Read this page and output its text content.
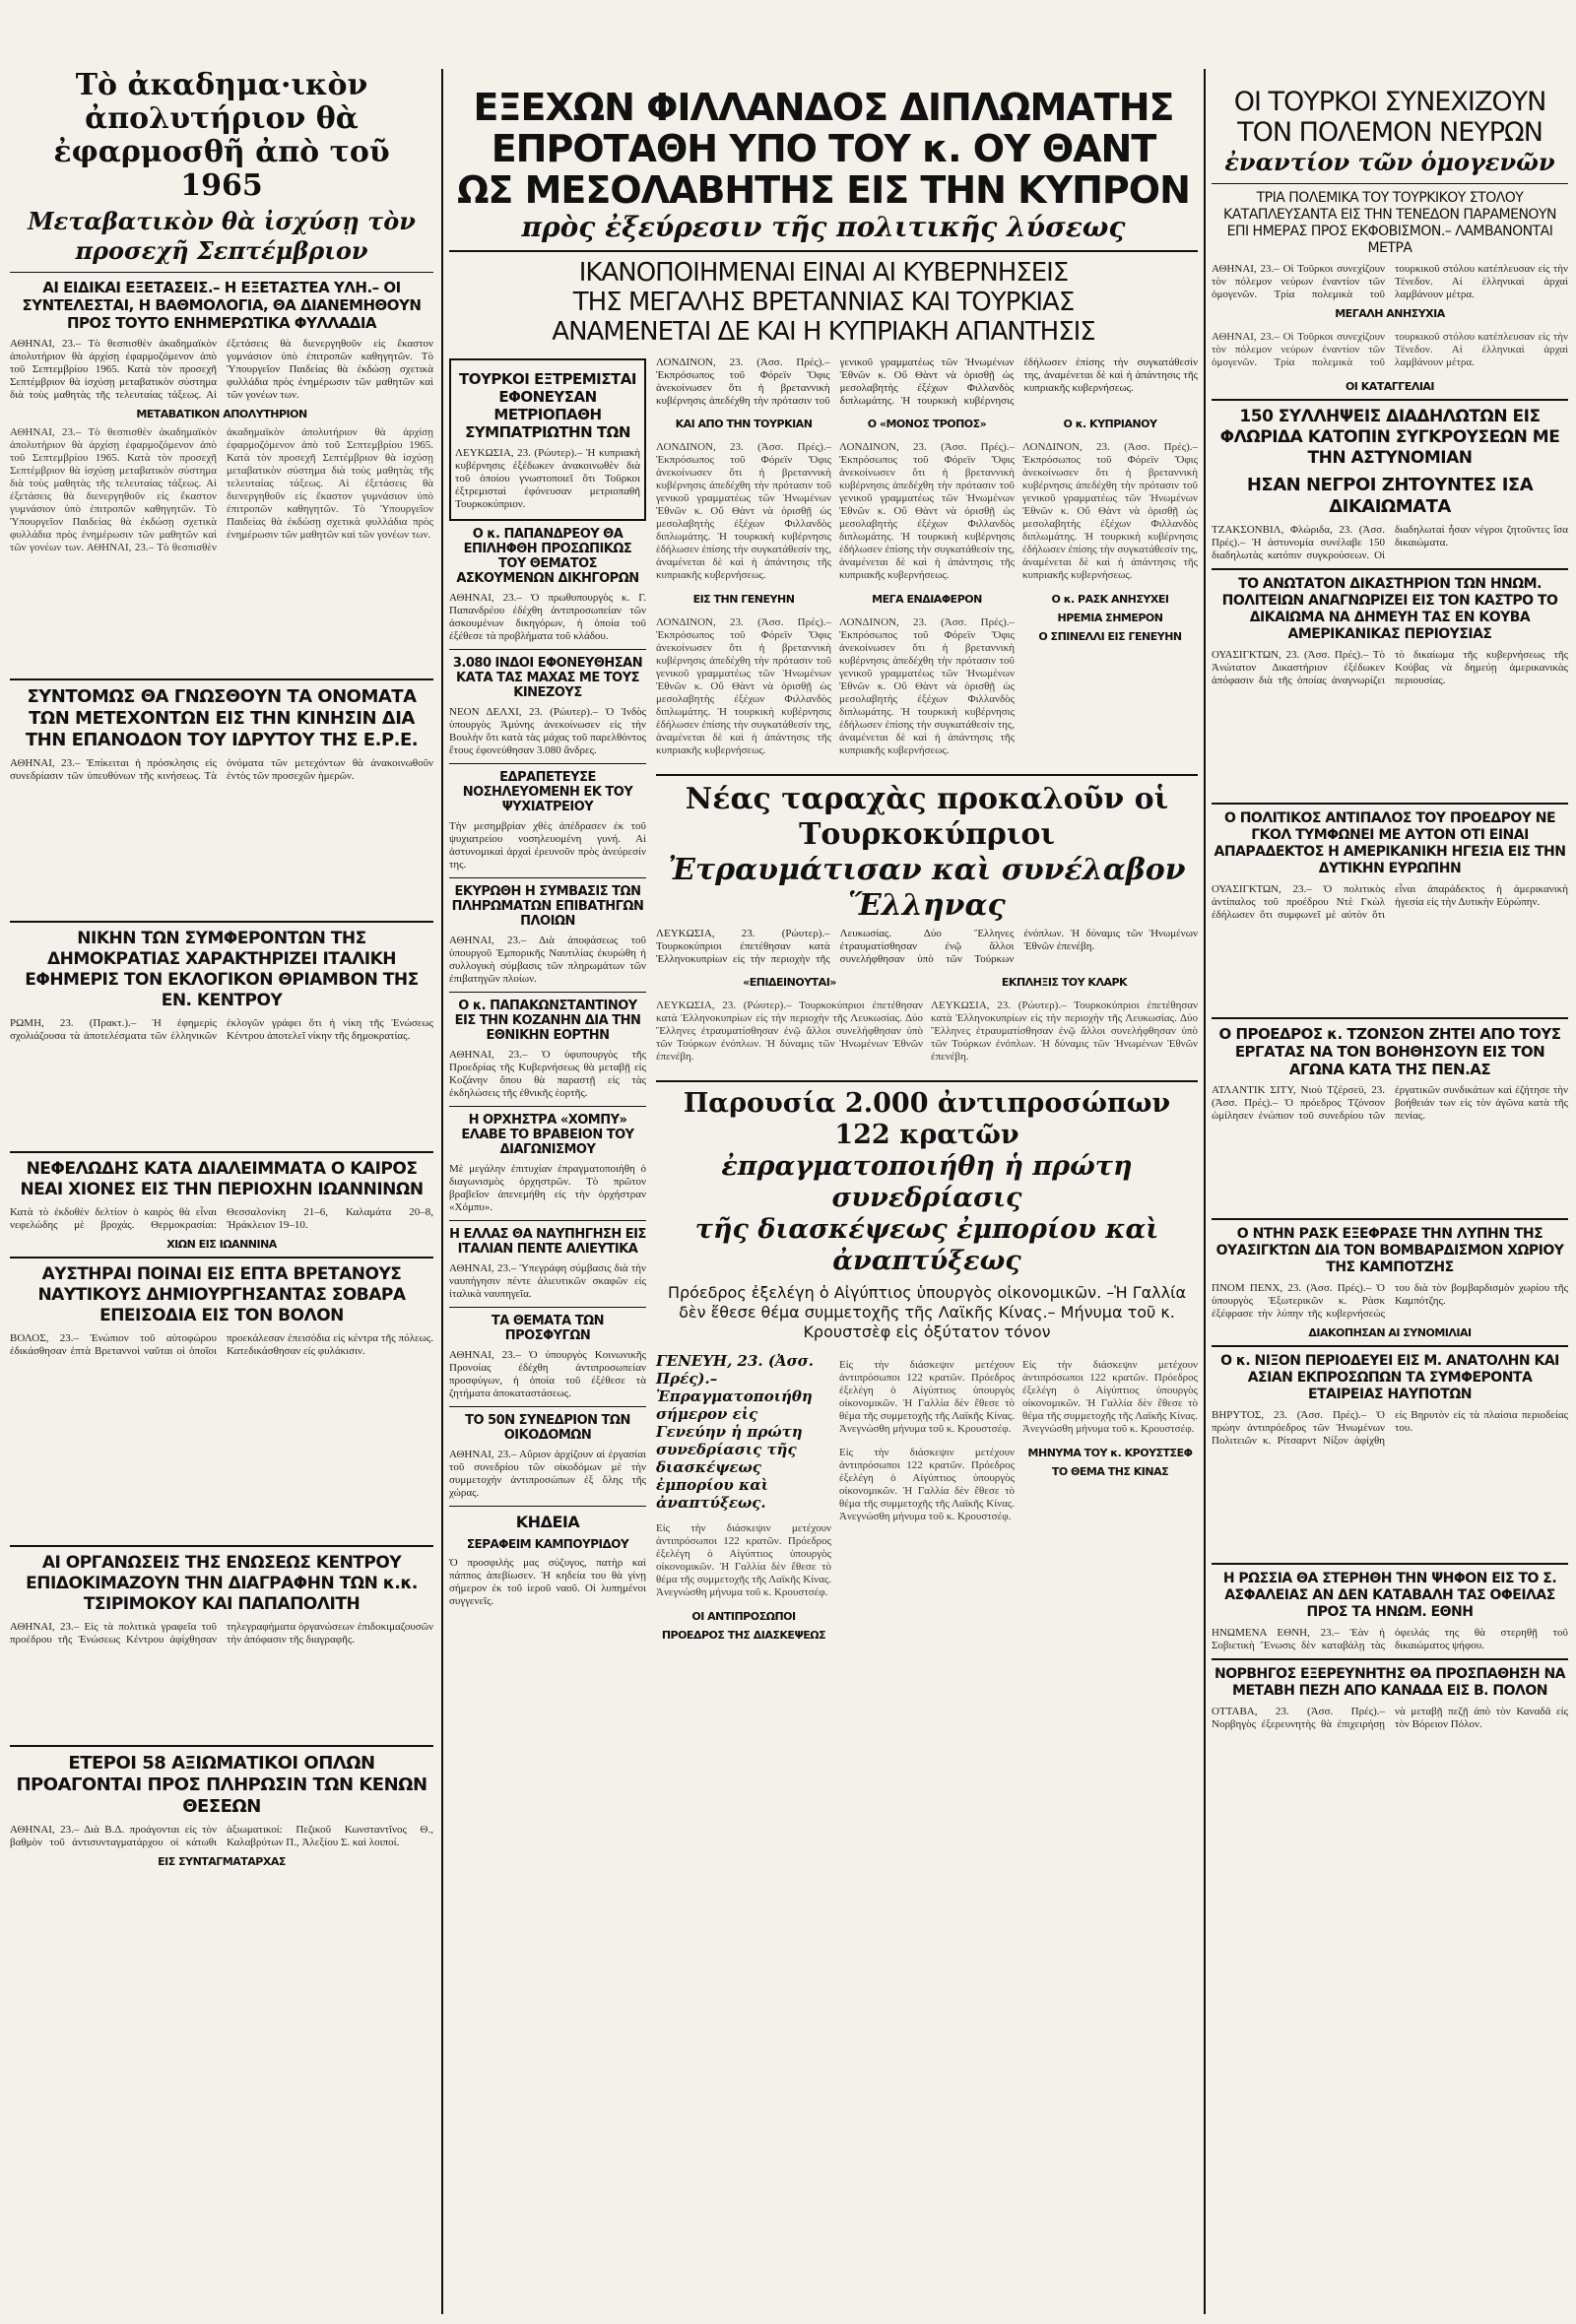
Τὸ ἀκαδημα·ικὸν ἀπολυτήριον θὰ ἐφαρμοσθῆ ἀπὸ τοῦ 1965
Μεταβατικὸν θὰ ἰσχύσῃ τὸν προσεχῆ Σεπτέμβριον
ΑΙ ΕΙΔΙΚΑΙ ΕΞΕΤΑΣΕΙΣ.– Η ΕΞΕΤΑΣΤΕΑ ΥΛΗ.– ΟΙ ΣΥΝΤΕΛΕΣΤΑΙ, Η ΒΑΘΜΟΛΟΓΙΑ, ΘΑ ΔΙΑΝΕΜΗΘΟΥΝ ΠΡΟΣ ΤΟΥΤΟ ΕΝΗΜΕΡΩΤΙΚΑ ΦΥΛΛΑΔΙΑ

ΑΘΗΝΑΙ, 23.– Τὸ θεσπισθὲν ἀκαδημαϊκὸν ἀπολυτήριον θὰ ἀρχίσῃ ἐφαρμοζόμενον ἀπὸ τοῦ Σεπτεμβρίου 1965. Κατὰ τὸν προσεχῆ Σεπτέμβριον θὰ ἰσχύσῃ μεταβατικὸν σύστημα διὰ τοὺς μαθητὰς τῆς τελευταίας τάξεως. Αἱ ἐξετάσεις θὰ διενεργηθοῦν εἰς ἕκαστον γυμνάσιον ὑπὸ ἐπιτροπῶν καθηγητῶν. Τὸ Ὑπουργεῖον Παιδείας θὰ ἐκδώσῃ σχετικὰ φυλλάδια πρὸς ἐνημέρωσιν τῶν μαθητῶν καὶ τῶν γονέων των.

ΜΕΤΑΒΑΤΙΚΟΝ ΑΠΟΛΥΤΗΡΙΟΝ

ΑΘΗΝΑΙ, 23.– Τὸ θεσπισθὲν ἀκαδημαϊκὸν ἀπολυτήριον θὰ ἀρχίσῃ ἐφαρμοζόμενον ἀπὸ τοῦ Σεπτεμβρίου 1965. Κατὰ τὸν προσεχῆ Σεπτέμβριον θὰ ἰσχύσῃ μεταβατικὸν σύστημα διὰ τοὺς μαθητὰς τῆς τελευταίας τάξεως. Αἱ ἐξετάσεις θὰ διενεργηθοῦν εἰς ἕκαστον γυμνάσιον ὑπὸ ἐπιτροπῶν καθηγητῶν. Τὸ Ὑπουργεῖον Παιδείας θὰ ἐκδώσῃ σχετικὰ φυλλάδια πρὸς ἐνημέρωσιν τῶν μαθητῶν καὶ τῶν γονέων των. ΑΘΗΝΑΙ, 23.– Τὸ θεσπισθὲν ἀκαδημαϊκὸν ἀπολυτήριον θὰ ἀρχίσῃ ἐφαρμοζόμενον ἀπὸ τοῦ Σεπτεμβρίου 1965. Κατὰ τὸν προσεχῆ Σεπτέμβριον θὰ ἰσχύσῃ μεταβατικὸν σύστημα διὰ τοὺς μαθητὰς τῆς τελευταίας τάξεως. Αἱ ἐξετάσεις θὰ διενεργηθοῦν εἰς ἕκαστον γυμνάσιον ὑπὸ ἐπιτροπῶν καθηγητῶν. Τὸ Ὑπουργεῖον Παιδείας θὰ ἐκδώσῃ σχετικὰ φυλλάδια πρὸς ἐνημέρωσιν τῶν μαθητῶν καὶ τῶν γονέων των.

ΣΥΝΤΟΜΩΣ ΘΑ ΓΝΩΣΘΟΥΝ ΤΑ ΟΝΟΜΑΤΑ ΤΩΝ ΜΕΤΕΧΟΝΤΩΝ ΕΙΣ ΤΗΝ ΚΙΝΗΣΙΝ ΔΙΑ ΤΗΝ ΕΠΑΝΟΔΟΝ ΤΟΥ ΙΔΡΥΤΟΥ ΤΗΣ Ε.Ρ.Ε.

ΑΘΗΝΑΙ, 23.– Ἐπίκειται ἡ πρόσκλησις εἰς συνεδρίασιν τῶν ὑπευθύνων τῆς κινήσεως. Τὰ ὀνόματα τῶν μετεχόντων θὰ ἀνακοινωθοῦν ἐντὸς τῶν προσεχῶν ἡμερῶν.

ΝΙΚΗΝ ΤΩΝ ΣΥΜΦΕΡΟΝΤΩΝ ΤΗΣ ΔΗΜΟΚΡΑΤΙΑΣ ΧΑΡΑΚΤΗΡΙΖΕΙ ΙΤΑΛΙΚΗ ΕΦΗΜΕΡΙΣ ΤΟΝ ΕΚΛΟΓΙΚΟΝ ΘΡΙΑΜΒΟΝ ΤΗΣ ΕΝ. ΚΕΝΤΡΟΥ

ΡΩΜΗ, 23. (Πρακτ.).– Ἡ ἐφημερὶς σχολιάζουσα τὰ ἀποτελέσματα τῶν ἑλληνικῶν ἐκλογῶν γράφει ὅτι ἡ νίκη τῆς Ἐνώσεως Κέντρου ἀποτελεῖ νίκην τῆς δημοκρατίας.

ΝΕΦΕΛΩΔΗΣ ΚΑΤΑ ΔΙΑΛΕΙΜΜΑΤΑ Ο ΚΑΙΡΟΣ ΝΕΑΙ ΧΙΟΝΕΣ ΕΙΣ ΤΗΝ ΠΕΡΙΟΧΗΝ ΙΩΑΝΝΙΝΩΝ

Κατὰ τὸ ἐκδοθὲν δελτίον ὁ καιρὸς θὰ εἶναι νεφελώδης μὲ βροχάς. Θερμοκρασίαι: Θεσσαλονίκη 21–6, Καλαμάτα 20–8, Ἡράκλειον 19–10.

ΧΙΩΝ ΕΙΣ ΙΩΑΝΝΙΝΑ
ΑΥΣΤΗΡΑΙ ΠΟΙΝΑΙ ΕΙΣ ΕΠΤΑ ΒΡΕΤΑΝΟΥΣ ΝΑΥΤΙΚΟΥΣ ΔΗΜΙΟΥΡΓΗΣΑΝΤΑΣ ΣΟΒΑΡΑ ΕΠΕΙΣΟΔΙΑ ΕΙΣ ΤΟΝ ΒΟΛΟΝ

ΒΟΛΟΣ, 23.– Ἐνώπιον τοῦ αὐτοφώρου ἐδικάσθησαν ἑπτὰ Βρεταννοὶ ναῦται οἱ ὁποῖοι προεκάλεσαν ἐπεισόδια εἰς κέντρα τῆς πόλεως. Κατεδικάσθησαν εἰς φυλάκισιν.

ΑΙ ΟΡΓΑΝΩΣΕΙΣ ΤΗΣ ΕΝΩΣΕΩΣ ΚΕΝΤΡΟΥ ΕΠΙΔΟΚΙΜΑΖΟΥΝ ΤΗΝ ΔΙΑΓΡΑΦΗΝ ΤΩΝ κ.κ. ΤΣΙΡΙΜΟΚΟΥ ΚΑΙ ΠΑΠΑΠΟΛΙΤΗ

ΑΘΗΝΑΙ, 23.– Εἰς τὰ πολιτικὰ γραφεῖα τοῦ προέδρου τῆς Ἐνώσεως Κέντρου ἀφίχθησαν τηλεγραφήματα ὀργανώσεων ἐπιδοκιμαζουσῶν τὴν ἀπόφασιν τῆς διαγραφῆς.

ΕΤΕΡΟΙ 58 ΑΞΙΩΜΑΤΙΚΟΙ ΟΠΛΩΝ ΠΡΟΑΓΟΝΤΑΙ ΠΡΟΣ ΠΛΗΡΩΣΙΝ ΤΩΝ ΚΕΝΩΝ ΘΕΣΕΩΝ

ΑΘΗΝΑΙ, 23.– Διὰ Β.Δ. προάγονται εἰς τὸν βαθμὸν τοῦ ἀντισυνταγματάρχου οἱ κάτωθι ἀξιωματικοί: Πεζικοῦ Κωνσταντῖνος Θ., Καλαβρύτων Π., Ἀλεξίου Σ. καὶ λοιποί.

ΕΙΣ ΣΥΝΤΑΓΜΑΤΑΡΧΑΣ
ΕΞΕΧΩΝ ΦΙΛΛΑΝΔΟΣ ΔΙΠΛΩΜΑΤΗΣ
ΕΠΡΟΤΑΘΗ ΥΠΟ ΤΟΥ κ. ΟΥ ΘΑΝΤ
ΩΣ ΜΕΣΟΛΑΒΗΤΗΣ ΕΙΣ ΤΗΝ ΚΥΠΡΟΝ
πρὸς ἐξεύρεσιν τῆς πολιτικῆς λύσεως
ΙΚΑΝΟΠΟΙΗΜΕΝΑΙ ΕΙΝΑΙ ΑΙ ΚΥΒΕΡΝΗΣΕΙΣ
ΤΗΣ ΜΕΓΑΛΗΣ ΒΡΕΤΑΝΝΙΑΣ ΚΑΙ ΤΟΥΡΚΙΑΣ
ΑΝΑΜΕΝΕΤΑΙ ΔΕ ΚΑΙ Η ΚΥΠΡΙΑΚΗ ΑΠΑΝΤΗΣΙΣ
ΤΟΥΡΚΟΙ ΕΞΤΡΕΜΙΣΤΑΙ ΕΦΟΝΕΥΣΑΝ ΜΕΤΡΙΟΠΑΘΗ ΣΥΜΠΑΤΡΙΩΤΗΝ ΤΩΝ

ΛΕΥΚΩΣΙΑ, 23. (Ρώυτερ).– Ἡ κυπριακὴ κυβέρνησις ἐξέδωκεν ἀνακοινωθὲν διὰ τοῦ ὁποίου γνωστοποιεῖ ὅτι Τοῦρκοι ἐξτρεμισταὶ ἐφόνευσαν μετριοπαθῆ Τουρκοκύπριον.

Ο κ. ΠΑΠΑΝΔΡΕΟΥ ΘΑ ΕΠΙΛΗΦΘΗ ΠΡΟΣΩΠΙΚΩΣ ΤΟΥ ΘΕΜΑΤΟΣ ΑΣΚΟΥΜΕΝΩΝ ΔΙΚΗΓΟΡΩΝ

ΑΘΗΝΑΙ, 23.– Ὁ πρωθυπουργὸς κ. Γ. Παπανδρέου ἐδέχθη ἀντιπροσωπείαν τῶν ἀσκουμένων δικηγόρων, ἡ ὁποία τοῦ ἐξέθεσε τὰ προβλήματα τοῦ κλάδου.

3.080 ΙΝΔΟΙ ΕΦΟΝΕΥΘΗΣΑΝ ΚΑΤΑ ΤΑΣ ΜΑΧΑΣ ΜΕ ΤΟΥΣ ΚΙΝΕΖΟΥΣ

ΝΕΟΝ ΔΕΛΧΙ, 23. (Ρώυτερ).– Ὁ Ἰνδὸς ὑπουργὸς Ἀμύνης ἀνεκοίνωσεν εἰς τὴν Βουλὴν ὅτι κατὰ τὰς μάχας τοῦ παρελθόντος ἔτους ἐφονεύθησαν 3.080 ἄνδρες.

ΕΔΡΑΠΕΤΕΥΣΕ ΝΟΣΗΛΕΥΟΜΕΝΗ ΕΚ ΤΟΥ ΨΥΧΙΑΤΡΕΙΟΥ

Τὴν μεσημβρίαν χθὲς ἀπέδρασεν ἐκ τοῦ ψυχιατρείου νοσηλευομένη γυνή. Αἱ ἀστυνομικαὶ ἀρχαὶ ἐρευνοῦν πρὸς ἀνεύρεσίν της.

ΕΚΥΡΩΘΗ Η ΣΥΜΒΑΣΙΣ ΤΩΝ ΠΛΗΡΩΜΑΤΩΝ ΕΠΙΒΑΤΗΓΩΝ ΠΛΟΙΩΝ

ΑΘΗΝΑΙ, 23.– Διὰ ἀποφάσεως τοῦ ὑπουργοῦ Ἐμπορικῆς Ναυτιλίας ἐκυρώθη ἡ συλλογικὴ σύμβασις τῶν πληρωμάτων τῶν ἐπιβατηγῶν πλοίων.

Ο κ. ΠΑΠΑΚΩΝΣΤΑΝΤΙΝΟΥ ΕΙΣ ΤΗΝ ΚΟΖΑΝΗΝ ΔΙΑ ΤΗΝ ΕΘΝΙΚΗΝ ΕΟΡΤΗΝ

ΑΘΗΝΑΙ, 23.– Ὁ ὑφυπουργὸς τῆς Προεδρίας τῆς Κυβερνήσεως θὰ μεταβῇ εἰς Κοζάνην ὅπου θὰ παραστῇ εἰς τὰς ἐκδηλώσεις τῆς ἐθνικῆς ἑορτῆς.

Η ΟΡΧΗΣΤΡΑ «ΧΟΜΠΥ» ΕΛΑΒΕ ΤΟ ΒΡΑΒΕΙΟΝ ΤΟΥ ΔΙΑΓΩΝΙΣΜΟΥ

Μὲ μεγάλην ἐπιτυχίαν ἐπραγματοποιήθη ὁ διαγωνισμὸς ὀρχηστρῶν. Τὸ πρῶτον βραβεῖον ἀπενεμήθη εἰς τὴν ὀρχήστραν «Χόμπυ».

Η ΕΛΛΑΣ ΘΑ ΝΑΥΠΗΓΗΣΗ ΕΙΣ ΙΤΑΛΙΑΝ ΠΕΝΤΕ ΑΛΙΕΥΤΙΚΑ

ΑΘΗΝΑΙ, 23.– Ὑπεγράφη σύμβασις διὰ τὴν ναυπήγησιν πέντε ἀλιευτικῶν σκαφῶν εἰς ἰταλικὰ ναυπηγεῖα.

ΤΑ ΘΕΜΑΤΑ ΤΩΝ ΠΡΟΣΦΥΓΩΝ

ΑΘΗΝΑΙ, 23.– Ὁ ὑπουργὸς Κοινωνικῆς Προνοίας ἐδέχθη ἀντιπροσωπείαν προσφύγων, ἡ ὁποία τοῦ ἐξέθεσε τὰ ζητήματα ἀποκαταστάσεως.

ΤΟ 50Ν ΣΥΝΕΔΡΙΟΝ ΤΩΝ ΟΙΚΟΔΟΜΩΝ

ΑΘΗΝΑΙ, 23.– Αὔριον ἀρχίζουν αἱ ἐργασίαι τοῦ συνεδρίου τῶν οἰκοδόμων μὲ τὴν συμμετοχὴν ἀντιπροσώπων ἐξ ὅλης τῆς χώρας.

ΚΗΔΕΙΑ
ΣΕΡΑΦΕΙΜ ΚΑΜΠΟΥΡΙΔΟΥ

Ὁ προσφιλὴς μας σύζυγος, πατὴρ καὶ πάππος ἀπεβίωσεν. Ἡ κηδεία του θὰ γίνῃ σήμερον ἐκ τοῦ ἱεροῦ ναοῦ. Οἱ λυπημένοι συγγενεῖς.

ΛΟΝΔΙΝΟΝ, 23. (Ἀσσ. Πρές).– Ἐκπρόσωπος τοῦ Φόρεϊν Ὄφις ἀνεκοίνωσεν ὅτι ἡ βρεταννικὴ κυβέρνησις ἀπεδέχθη τὴν πρότασιν τοῦ γενικοῦ γραμματέως τῶν Ἡνωμένων Ἐθνῶν κ. Οὔ Θὰντ νὰ ὁρισθῇ ὡς μεσολαβητὴς ἐξέχων Φιλλανδὸς διπλωμάτης. Ἡ τουρκικὴ κυβέρνησις ἐδήλωσεν ἐπίσης τὴν συγκατάθεσίν της, ἀναμένεται δὲ καὶ ἡ ἀπάντησις τῆς κυπριακῆς κυβερνήσεως.

ΚΑΙ ΑΠΟ ΤΗΝ ΤΟΥΡΚΙΑΝ

ΛΟΝΔΙΝΟΝ, 23. (Ἀσσ. Πρές).– Ἐκπρόσωπος τοῦ Φόρεϊν Ὄφις ἀνεκοίνωσεν ὅτι ἡ βρεταννικὴ κυβέρνησις ἀπεδέχθη τὴν πρότασιν τοῦ γενικοῦ γραμματέως τῶν Ἡνωμένων Ἐθνῶν κ. Οὔ Θὰντ νὰ ὁρισθῇ ὡς μεσολαβητὴς ἐξέχων Φιλλανδὸς διπλωμάτης. Ἡ τουρκικὴ κυβέρνησις ἐδήλωσεν ἐπίσης τὴν συγκατάθεσίν της, ἀναμένεται δὲ καὶ ἡ ἀπάντησις τῆς κυπριακῆς κυβερνήσεως.

ΕΙΣ ΤΗΝ ΓΕΝΕΥΗΝ

ΛΟΝΔΙΝΟΝ, 23. (Ἀσσ. Πρές).– Ἐκπρόσωπος τοῦ Φόρεϊν Ὄφις ἀνεκοίνωσεν ὅτι ἡ βρεταννικὴ κυβέρνησις ἀπεδέχθη τὴν πρότασιν τοῦ γενικοῦ γραμματέως τῶν Ἡνωμένων Ἐθνῶν κ. Οὔ Θὰντ νὰ ὁρισθῇ ὡς μεσολαβητὴς ἐξέχων Φιλλανδὸς διπλωμάτης. Ἡ τουρκικὴ κυβέρνησις ἐδήλωσεν ἐπίσης τὴν συγκατάθεσίν της, ἀναμένεται δὲ καὶ ἡ ἀπάντησις τῆς κυπριακῆς κυβερνήσεως.

Ο «ΜΟΝΟΣ ΤΡΟΠΟΣ»

ΛΟΝΔΙΝΟΝ, 23. (Ἀσσ. Πρές).– Ἐκπρόσωπος τοῦ Φόρεϊν Ὄφις ἀνεκοίνωσεν ὅτι ἡ βρεταννικὴ κυβέρνησις ἀπεδέχθη τὴν πρότασιν τοῦ γενικοῦ γραμματέως τῶν Ἡνωμένων Ἐθνῶν κ. Οὔ Θὰντ νὰ ὁρισθῇ ὡς μεσολαβητὴς ἐξέχων Φιλλανδὸς διπλωμάτης. Ἡ τουρκικὴ κυβέρνησις ἐδήλωσεν ἐπίσης τὴν συγκατάθεσίν της, ἀναμένεται δὲ καὶ ἡ ἀπάντησις τῆς κυπριακῆς κυβερνήσεως.

ΜΕΓΑ ΕΝΔΙΑΦΕΡΟΝ

ΛΟΝΔΙΝΟΝ, 23. (Ἀσσ. Πρές).– Ἐκπρόσωπος τοῦ Φόρεϊν Ὄφις ἀνεκοίνωσεν ὅτι ἡ βρεταννικὴ κυβέρνησις ἀπεδέχθη τὴν πρότασιν τοῦ γενικοῦ γραμματέως τῶν Ἡνωμένων Ἐθνῶν κ. Οὔ Θὰντ νὰ ὁρισθῇ ὡς μεσολαβητὴς ἐξέχων Φιλλανδὸς διπλωμάτης. Ἡ τουρκικὴ κυβέρνησις ἐδήλωσεν ἐπίσης τὴν συγκατάθεσίν της, ἀναμένεται δὲ καὶ ἡ ἀπάντησις τῆς κυπριακῆς κυβερνήσεως.

Ο κ. ΚΥΠΡΙΑΝΟΥ

ΛΟΝΔΙΝΟΝ, 23. (Ἀσσ. Πρές).– Ἐκπρόσωπος τοῦ Φόρεϊν Ὄφις ἀνεκοίνωσεν ὅτι ἡ βρεταννικὴ κυβέρνησις ἀπεδέχθη τὴν πρότασιν τοῦ γενικοῦ γραμματέως τῶν Ἡνωμένων Ἐθνῶν κ. Οὔ Θὰντ νὰ ὁρισθῇ ὡς μεσολαβητὴς ἐξέχων Φιλλανδὸς διπλωμάτης. Ἡ τουρκικὴ κυβέρνησις ἐδήλωσεν ἐπίσης τὴν συγκατάθεσίν της, ἀναμένεται δὲ καὶ ἡ ἀπάντησις τῆς κυπριακῆς κυβερνήσεως.

Ο κ. ΡΑΣΚ ΑΝΗΣΥΧΕΙ
ΗΡΕΜΙΑ ΣΗΜΕΡΟΝ
Ο ΣΠΙΝΕΛΛΙ ΕΙΣ ΓΕΝΕΥΗΝ
Νέας ταραχὰς προκαλοῦν οἱ Τουρκοκύπριοι
Ἐτραυμάτισαν καὶ συνέλαβον Ἕλληνας

ΛΕΥΚΩΣΙΑ, 23. (Ρώυτερ).– Τουρκοκύπριοι ἐπετέθησαν κατὰ Ἑλληνοκυπρίων εἰς τὴν περιοχὴν τῆς Λευκωσίας. Δύο Ἕλληνες ἐτραυματίσθησαν ἐνῷ ἄλλοι συνελήφθησαν ὑπὸ τῶν Τούρκων ἐνόπλων. Ἡ δύναμις τῶν Ἡνωμένων Ἐθνῶν ἐπενέβη.

«ΕΠΙΔΕΙΝΟΥΤΑΙ»

ΛΕΥΚΩΣΙΑ, 23. (Ρώυτερ).– Τουρκοκύπριοι ἐπετέθησαν κατὰ Ἑλληνοκυπρίων εἰς τὴν περιοχὴν τῆς Λευκωσίας. Δύο Ἕλληνες ἐτραυματίσθησαν ἐνῷ ἄλλοι συνελήφθησαν ὑπὸ τῶν Τούρκων ἐνόπλων. Ἡ δύναμις τῶν Ἡνωμένων Ἐθνῶν ἐπενέβη.

ΕΚΠΛΗΞΙΣ ΤΟΥ ΚΛΑΡΚ

ΛΕΥΚΩΣΙΑ, 23. (Ρώυτερ).– Τουρκοκύπριοι ἐπετέθησαν κατὰ Ἑλληνοκυπρίων εἰς τὴν περιοχὴν τῆς Λευκωσίας. Δύο Ἕλληνες ἐτραυματίσθησαν ἐνῷ ἄλλοι συνελήφθησαν ὑπὸ τῶν Τούρκων ἐνόπλων. Ἡ δύναμις τῶν Ἡνωμένων Ἐθνῶν ἐπενέβη.

Παρουσία 2.000 ἀντιπροσώπων 122 κρατῶν
ἐπραγματοποιήθη ἡ πρώτη συνεδρίασις
τῆς διασκέψεως ἐμπορίου καὶ ἀναπτύξεως
Πρόεδρος ἐξελέγη ὁ Αἰγύπτιος ὑπουργὸς οἰκονομικῶν. –Ἡ Γαλλία δὲν ἔθεσε θέμα συμμετοχῆς τῆς Λαϊκῆς Κίνας.– Μήνυμα τοῦ κ. Κρουστσὲφ εἰς ὀξύτατον τόνον

ΓΕΝΕΥΗ, 23. (Ἀσσ. Πρές).– Ἐπραγματοποιήθη σήμερον εἰς Γενεύην ἡ πρώτη συνεδρίασις τῆς διασκέψεως ἐμπορίου καὶ ἀναπτύξεως.

Εἰς τὴν διάσκεψιν μετέχουν ἀντιπρόσωποι 122 κρατῶν. Πρόεδρος ἐξελέγη ὁ Αἰγύπτιος ὑπουργὸς οἰκονομικῶν. Ἡ Γαλλία δὲν ἔθεσε τὸ θέμα τῆς συμμετοχῆς τῆς Λαϊκῆς Κίνας. Ἀνεγνώσθη μήνυμα τοῦ κ. Κρουστσέφ.

ΟΙ ΑΝΤΙΠΡΟΣΩΠΟΙ
ΠΡΟΕΔΡΟΣ ΤΗΣ ΔΙΑΣΚΕΨΕΩΣ

Εἰς τὴν διάσκεψιν μετέχουν ἀντιπρόσωποι 122 κρατῶν. Πρόεδρος ἐξελέγη ὁ Αἰγύπτιος ὑπουργὸς οἰκονομικῶν. Ἡ Γαλλία δὲν ἔθεσε τὸ θέμα τῆς συμμετοχῆς τῆς Λαϊκῆς Κίνας. Ἀνεγνώσθη μήνυμα τοῦ κ. Κρουστσέφ.

Εἰς τὴν διάσκεψιν μετέχουν ἀντιπρόσωποι 122 κρατῶν. Πρόεδρος ἐξελέγη ὁ Αἰγύπτιος ὑπουργὸς οἰκονομικῶν. Ἡ Γαλλία δὲν ἔθεσε τὸ θέμα τῆς συμμετοχῆς τῆς Λαϊκῆς Κίνας. Ἀνεγνώσθη μήνυμα τοῦ κ. Κρουστσέφ.

Εἰς τὴν διάσκεψιν μετέχουν ἀντιπρόσωποι 122 κρατῶν. Πρόεδρος ἐξελέγη ὁ Αἰγύπτιος ὑπουργὸς οἰκονομικῶν. Ἡ Γαλλία δὲν ἔθεσε τὸ θέμα τῆς συμμετοχῆς τῆς Λαϊκῆς Κίνας. Ἀνεγνώσθη μήνυμα τοῦ κ. Κρουστσέφ.

ΜΗΝΥΜΑ ΤΟΥ κ. ΚΡΟΥΣΤΣΕΦ
ΤΟ ΘΕΜΑ ΤΗΣ ΚΙΝΑΣ
ΟΙ ΤΟΥΡΚΟΙ ΣΥΝΕΧΙΖΟΥΝ ΤΟΝ ΠΟΛΕΜΟΝ ΝΕΥΡΩΝ
ἐναντίον τῶν ὁμογενῶν
ΤΡΙΑ ΠΟΛΕΜΙΚΑ ΤΟΥ ΤΟΥΡΚΙΚΟΥ ΣΤΟΛΟΥ ΚΑΤΑΠΛΕΥΣΑΝΤΑ ΕΙΣ ΤΗΝ ΤΕΝΕΔΟΝ ΠΑΡΑΜΕΝΟΥΝ ΕΠΙ ΗΜΕΡΑΣ ΠΡΟΣ ΕΚΦΟΒΙΣΜΟΝ.– ΛΑΜΒΑΝΟΝΤΑΙ ΜΕΤΡΑ

ΑΘΗΝΑΙ, 23.– Οἱ Τοῦρκοι συνεχίζουν τὸν πόλεμον νεύρων ἐναντίον τῶν ὁμογενῶν. Τρία πολεμικὰ τοῦ τουρκικοῦ στόλου κατέπλευσαν εἰς τὴν Τένεδον. Αἱ ἑλληνικαὶ ἀρχαὶ λαμβάνουν μέτρα.

ΜΕΓΑΛΗ ΑΝΗΣΥΧΙΑ

ΑΘΗΝΑΙ, 23.– Οἱ Τοῦρκοι συνεχίζουν τὸν πόλεμον νεύρων ἐναντίον τῶν ὁμογενῶν. Τρία πολεμικὰ τοῦ τουρκικοῦ στόλου κατέπλευσαν εἰς τὴν Τένεδον. Αἱ ἑλληνικαὶ ἀρχαὶ λαμβάνουν μέτρα.

ΟΙ ΚΑΤΑΓΓΕΛΙΑΙ
150 ΣΥΛΛΗΨΕΙΣ ΔΙΑΔΗΛΩΤΩΝ ΕΙΣ ΦΛΩΡΙΔΑ ΚΑΤΟΠΙΝ ΣΥΓΚΡΟΥΣΕΩΝ ΜΕ ΤΗΝ ΑΣΤΥΝΟΜΙΑΝ
ΗΣΑΝ ΝΕΓΡΟΙ ΖΗΤΟΥΝΤΕΣ ΙΣΑ ΔΙΚΑΙΩΜΑΤΑ

ΤΖΑΚΣΟΝΒΙΛ, Φλώριδα, 23. (Ἀσσ. Πρές).– Ἡ ἀστυνομία συνέλαβε 150 διαδηλωτὰς κατόπιν συγκρούσεων. Οἱ διαδηλωταὶ ἦσαν νέγροι ζητοῦντες ἴσα δικαιώματα.

ΤΟ ΑΝΩΤΑΤΟΝ ΔΙΚΑΣΤΗΡΙΟΝ ΤΩΝ ΗΝΩΜ. ΠΟΛΙΤΕΙΩΝ ΑΝΑΓΝΩΡΙΖΕΙ ΕΙΣ ΤΟΝ ΚΑΣΤΡΟ ΤΟ ΔΙΚΑΙΩΜΑ ΝΑ ΔΗΜΕΥΗ ΤΑΣ ΕΝ ΚΟΥΒΑ ΑΜΕΡΙΚΑΝΙΚΑΣ ΠΕΡΙΟΥΣΙΑΣ

ΟΥΑΣΙΓΚΤΩΝ, 23. (Ἀσσ. Πρές).– Τὸ Ἀνώτατον Δικαστήριον ἐξέδωκεν ἀπόφασιν διὰ τῆς ὁποίας ἀναγνωρίζει τὸ δικαίωμα τῆς κυβερνήσεως τῆς Κούβας νὰ δημεύῃ ἀμερικανικὰς περιουσίας.

Ο ΠΟΛΙΤΙΚΟΣ ΑΝΤΙΠΑΛΟΣ ΤΟΥ ΠΡΟΕΔΡΟΥ ΝΕ ΓΚΟΛ ΤΥΜΦΩΝΕΙ ΜΕ ΑΥΤΟΝ ΟΤΙ ΕΙΝΑΙ ΑΠΑΡΑΔΕΚΤΟΣ Η ΑΜΕΡΙΚΑΝΙΚΗ ΗΓΕΣΙΑ ΕΙΣ ΤΗΝ ΔΥΤΙΚΗΝ ΕΥΡΩΠΗΝ

ΟΥΑΣΙΓΚΤΩΝ, 23.– Ὁ πολιτικὸς ἀντίπαλος τοῦ προέδρου Ντὲ Γκὼλ ἐδήλωσεν ὅτι συμφωνεῖ μὲ αὐτὸν ὅτι εἶναι ἀπαράδεκτος ἡ ἀμερικανικὴ ἡγεσία εἰς τὴν Δυτικὴν Εὐρώπην.

Ο ΠΡΟΕΔΡΟΣ κ. ΤΖΟΝΣΟΝ ΖΗΤΕΙ ΑΠΟ ΤΟΥΣ ΕΡΓΑΤΑΣ ΝΑ ΤΟΝ ΒΟΗΘΗΣΟΥΝ ΕΙΣ ΤΟΝ ΑΓΩΝΑ ΚΑΤΑ ΤΗΣ ΠΕΝ.ΑΣ

ΑΤΛΑΝΤΙΚ ΣΙΤΥ, Νιοὺ Τζέρσεϋ, 23. (Ἀσσ. Πρές).– Ὁ πρόεδρος Τζόνσον ὡμίλησεν ἐνώπιον τοῦ συνεδρίου τῶν ἐργατικῶν συνδικάτων καὶ ἐζήτησε τὴν βοήθειάν των εἰς τὸν ἀγῶνα κατὰ τῆς πενίας.

Ο ΝΤΗΝ ΡΑΣΚ ΕΞΕΦΡΑΣΕ ΤΗΝ ΛΥΠΗΝ ΤΗΣ ΟΥΑΣΙΓΚΤΩΝ ΔΙΑ ΤΟΝ ΒΟΜΒΑΡΔΙΣΜΟΝ ΧΩΡΙΟΥ ΤΗΣ ΚΑΜΠΟΤΖΗΣ

ΠΝΟΜ ΠΕΝΧ, 23. (Ἀσσ. Πρές).– Ὁ ὑπουργὸς Ἐξωτερικῶν κ. Ρὰσκ ἐξέφρασε τὴν λύπην τῆς κυβερνήσεώς του διὰ τὸν βομβαρδισμὸν χωρίου τῆς Καμπότζης.

ΔΙΑΚΟΠΗΣΑΝ ΑΙ ΣΥΝΟΜΙΛΙΑΙ
Ο κ. ΝΙΞΟΝ ΠΕΡΙΟΔΕΥΕΙ ΕΙΣ Μ. ΑΝΑΤΟΛΗΝ ΚΑΙ ΑΣΙΑΝ ΕΚΠΡΟΣΩΠΩΝ ΤΑ ΣΥΜΦΕΡΟΝΤΑ ΕΤΑΙΡΕΙΑΣ ΗΑΥΠΟΤΩΝ

ΒΗΡΥΤΟΣ, 23. (Ἀσσ. Πρές).– Ὁ πρώην ἀντιπρόεδρος τῶν Ἡνωμένων Πολιτειῶν κ. Ρίτσαρντ Νίξον ἀφίχθη εἰς Βηρυτὸν εἰς τὰ πλαίσια περιοδείας του.

Η ΡΩΣΣΙΑ ΘΑ ΣΤΕΡΗΘΗ ΤΗΝ ΨΗΦΟΝ ΕΙΣ ΤΟ Σ. ΑΣΦΑΛΕΙΑΣ ΑΝ ΔΕΝ ΚΑΤΑΒΑΛΗ ΤΑΣ ΟΦΕΙΛΑΣ ΠΡΟΣ ΤΑ ΗΝΩΜ. ΕΘΝΗ

ΗΝΩΜΕΝΑ ΕΘΝΗ, 23.– Ἐὰν ἡ Σοβιετικὴ Ἕνωσις δὲν καταβάλῃ τὰς ὀφειλάς της θὰ στερηθῇ τοῦ δικαιώματος ψήφου.

ΝΟΡΒΗΓΟΣ ΕΞΕΡΕΥΝΗΤΗΣ ΘΑ ΠΡΟΣΠΑΘΗΣΗ ΝΑ ΜΕΤΑΒΗ ΠΕΖΗ ΑΠΟ ΚΑΝΑΔΑ ΕΙΣ Β. ΠΟΛΟΝ

ΟΤΤΑΒΑ, 23. (Ἀσσ. Πρές).– Νορβηγὸς ἐξερευνητὴς θὰ ἐπιχειρήσῃ νὰ μεταβῇ πεζῇ ἀπὸ τὸν Καναδᾶ εἰς τὸν Βόρειον Πόλον.
